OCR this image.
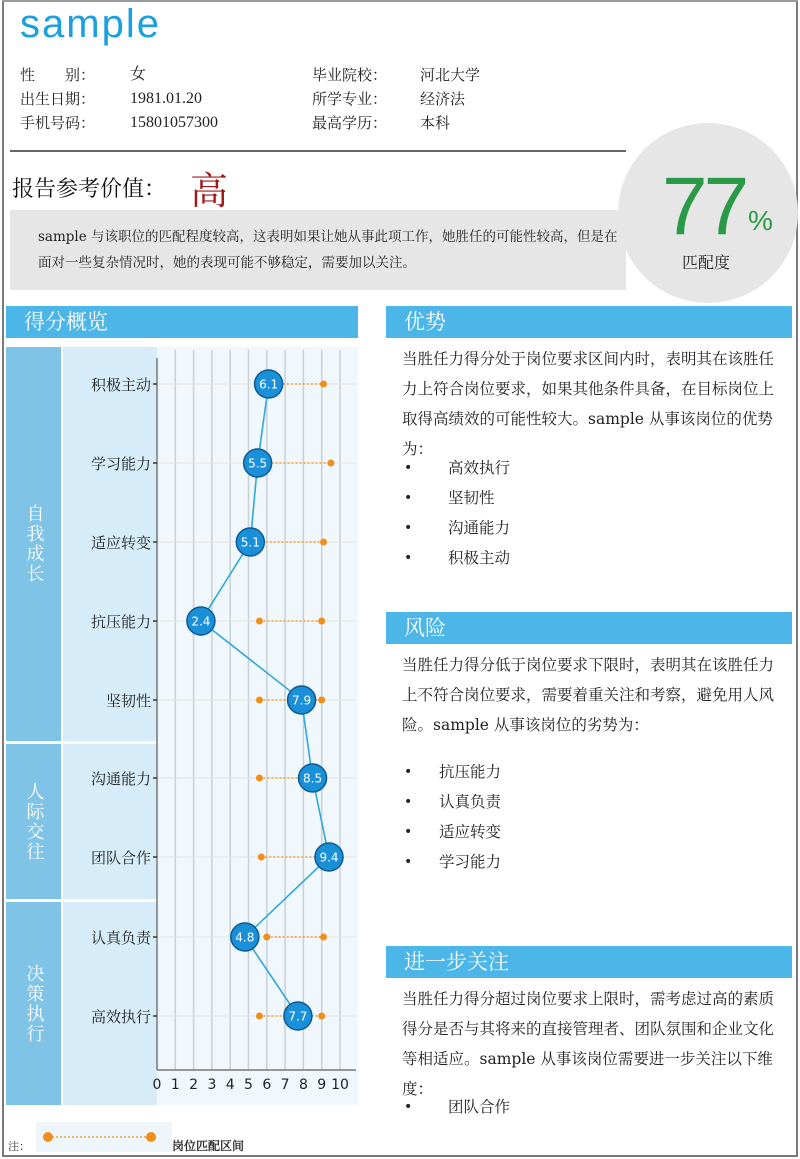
sample
性　　别：	女
出生日期：	1981.01.20
手机号码：	15801057300
毕业院校：	河北大学
所学专业：	经济法
最高学历：	本科
77 %
匹配度
报告参考价值： 高
sample 与该职位的匹配程度较高，这表明如果让她从事此项工作，她胜任的可能性较高，但是在面对一些复杂情况时，她的表现可能不够稳定，需要加以关注。
得分概览
自我成长
人际交往
决策执行
0 1 2 3 4 5 6 7 8 9 10
6.1
5.5
5.1
2.4
7.9
8.5
9.4
4.8
7.7
积极主动
学习能力
适应转变
抗压能力
坚韧性
沟通能力
团队合作
认真负责
高效执行
注：	岗位匹配区间
优势
当胜任力得分处于岗位要求区间内时，表明其在该胜任力上符合岗位要求，如果其他条件具备，在目标岗位上取得高绩效的可能性较大。sample 从事该岗位的优势为：
• 高效执行
• 坚韧性
• 沟通能力
• 积极主动
风险
当胜任力得分低于岗位要求下限时，表明其在该胜任力上不符合岗位要求，需要着重关注和考察，避免用人风险。sample 从事该岗位的劣势为：
• 抗压能力
• 认真负责
• 适应转变
• 学习能力
进一步关注
当胜任力得分超过岗位要求上限时，需考虑过高的素质得分是否与其将来的直接管理者、团队氛围和企业文化等相适应。sample 从事该岗位需要进一步关注以下维度：
• 团队合作
